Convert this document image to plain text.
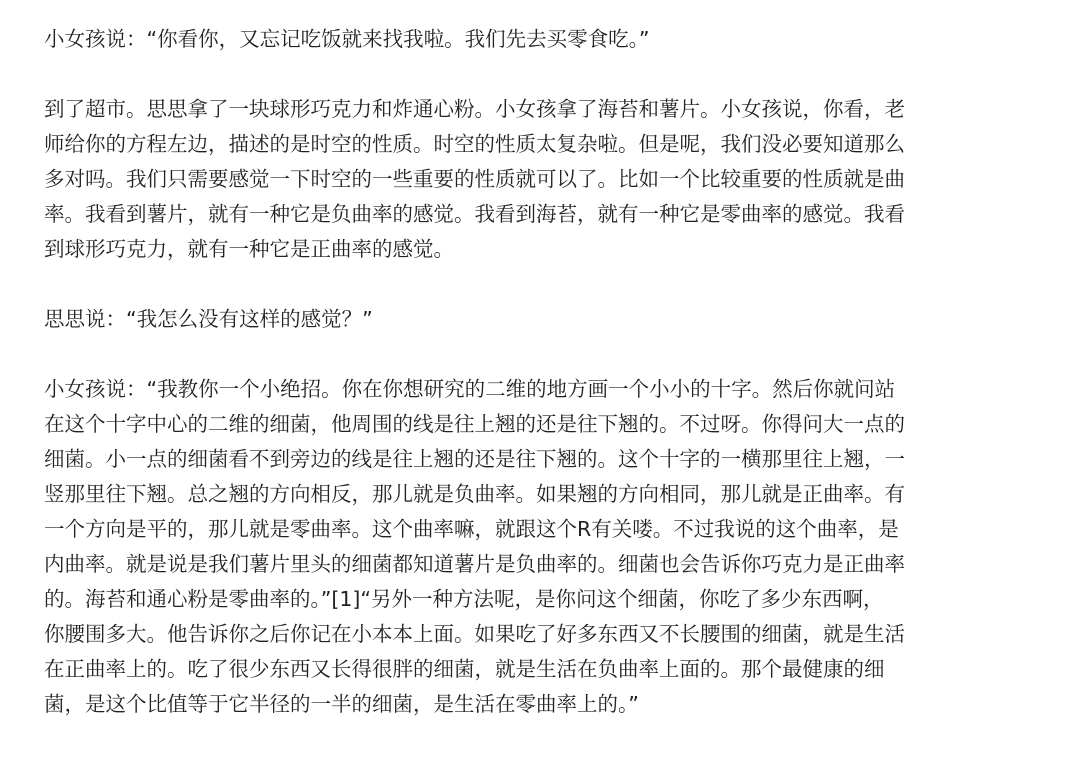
小女孩说：“你看你，又忘记吃饭就来找我啦。我们先去买零食吃。”

到了超市。思思拿了一块球形巧克力和炸通心粉。小女孩拿了海苔和薯片。小女孩说，你看，老
师给你的方程左边，描述的是时空的性质。时空的性质太复杂啦。但是呢，我们没必要知道那么
多对吗。我们只需要感觉一下时空的一些重要的性质就可以了。比如一个比较重要的性质就是曲
率。我看到薯片，就有一种它是负曲率的感觉。我看到海苔，就有一种它是零曲率的感觉。我看
到球形巧克力，就有一种它是正曲率的感觉。

思思说：“我怎么没有这样的感觉？”

小女孩说：“我教你一个小绝招。你在你想研究的二维的地方画一个小小的十字。然后你就问站
在这个十字中心的二维的细菌，他周围的线是往上翘的还是往下翘的。不过呀。你得问大一点的
细菌。小一点的细菌看不到旁边的线是往上翘的还是往下翘的。这个十字的一横那里往上翘，一
竖那里往下翘。总之翘的方向相反，那儿就是负曲率。如果翘的方向相同，那儿就是正曲率。有
一个方向是平的，那儿就是零曲率。这个曲率嘛，就跟这个R有关喽。不过我说的这个曲率，是
内曲率。就是说是我们薯片里头的细菌都知道薯片是负曲率的。细菌也会告诉你巧克力是正曲率
的。海苔和通心粉是零曲率的。”[1]“另外一种方法呢，是你问这个细菌，你吃了多少东西啊，
你腰围多大。他告诉你之后你记在小本本上面。如果吃了好多东西又不长腰围的细菌，就是生活
在正曲率上的。吃了很少东西又长得很胖的细菌，就是生活在负曲率上面的。那个最健康的细
菌，是这个比值等于它半径的一半的细菌，是生活在零曲率上的。”
